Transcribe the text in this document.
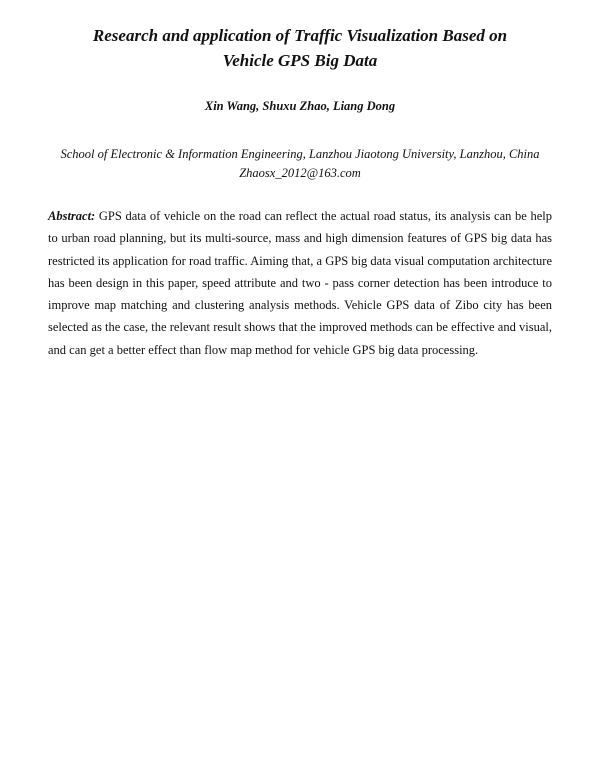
Research and application of Traffic Visualization Based on Vehicle GPS Big Data
Xin Wang, Shuxu Zhao, Liang Dong
School of Electronic & Information Engineering, Lanzhou Jiaotong University, Lanzhou, China
Zhaosx_2012@163.com

Abstract: GPS data of vehicle on the road can reflect the actual road status, its analysis can be help to urban road planning, but its multi-source, mass and high dimension features of GPS big data has restricted its application for road traffic. Aiming that, a GPS big data visual computation architecture has been design in this paper, speed attribute and two - pass corner detection has been introduce to improve map matching and clustering analysis methods. Vehicle GPS data of Zibo city has been selected as the case, the relevant result shows that the improved methods can be effective and visual, and can get a better effect than flow map method for vehicle GPS big data processing.
